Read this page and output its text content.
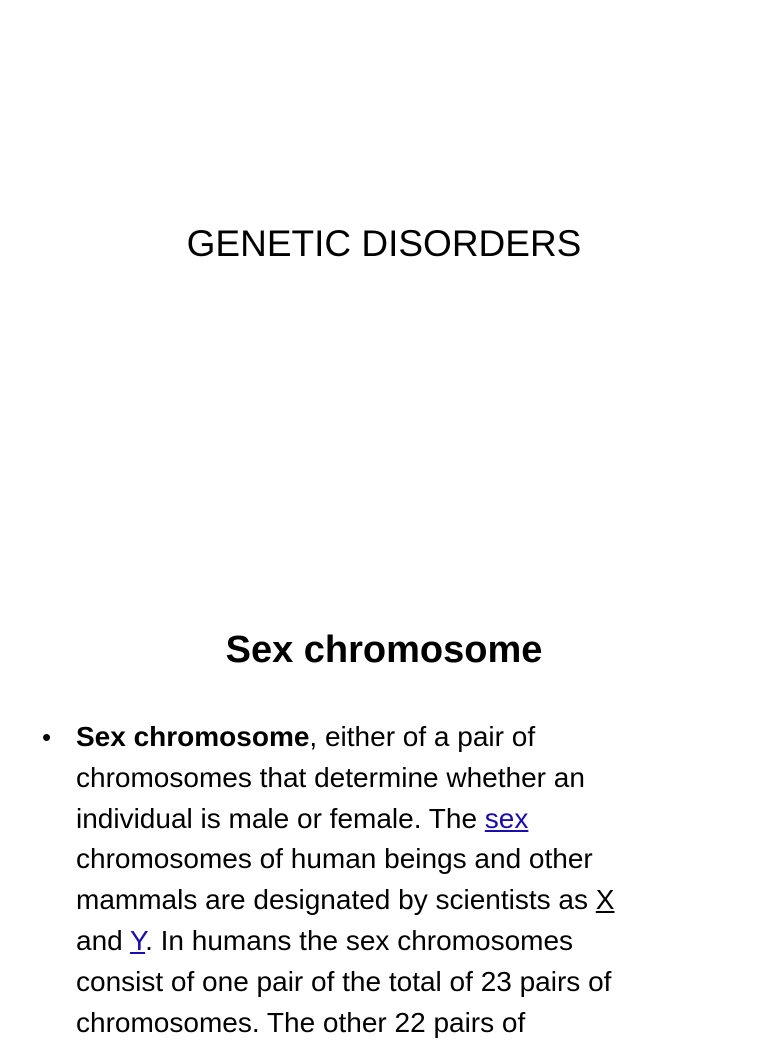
GENETIC DISORDERS
Sex chromosome
• Sex chromosome, either of a pair of
chromosomes that determine whether an
individual is male or female. The sex
chromosomes of human beings and other
mammals are designated by scientists as X
and Y. In humans the sex chromosomes
consist of one pair of the total of 23 pairs of
chromosomes. The other 22 pairs of
